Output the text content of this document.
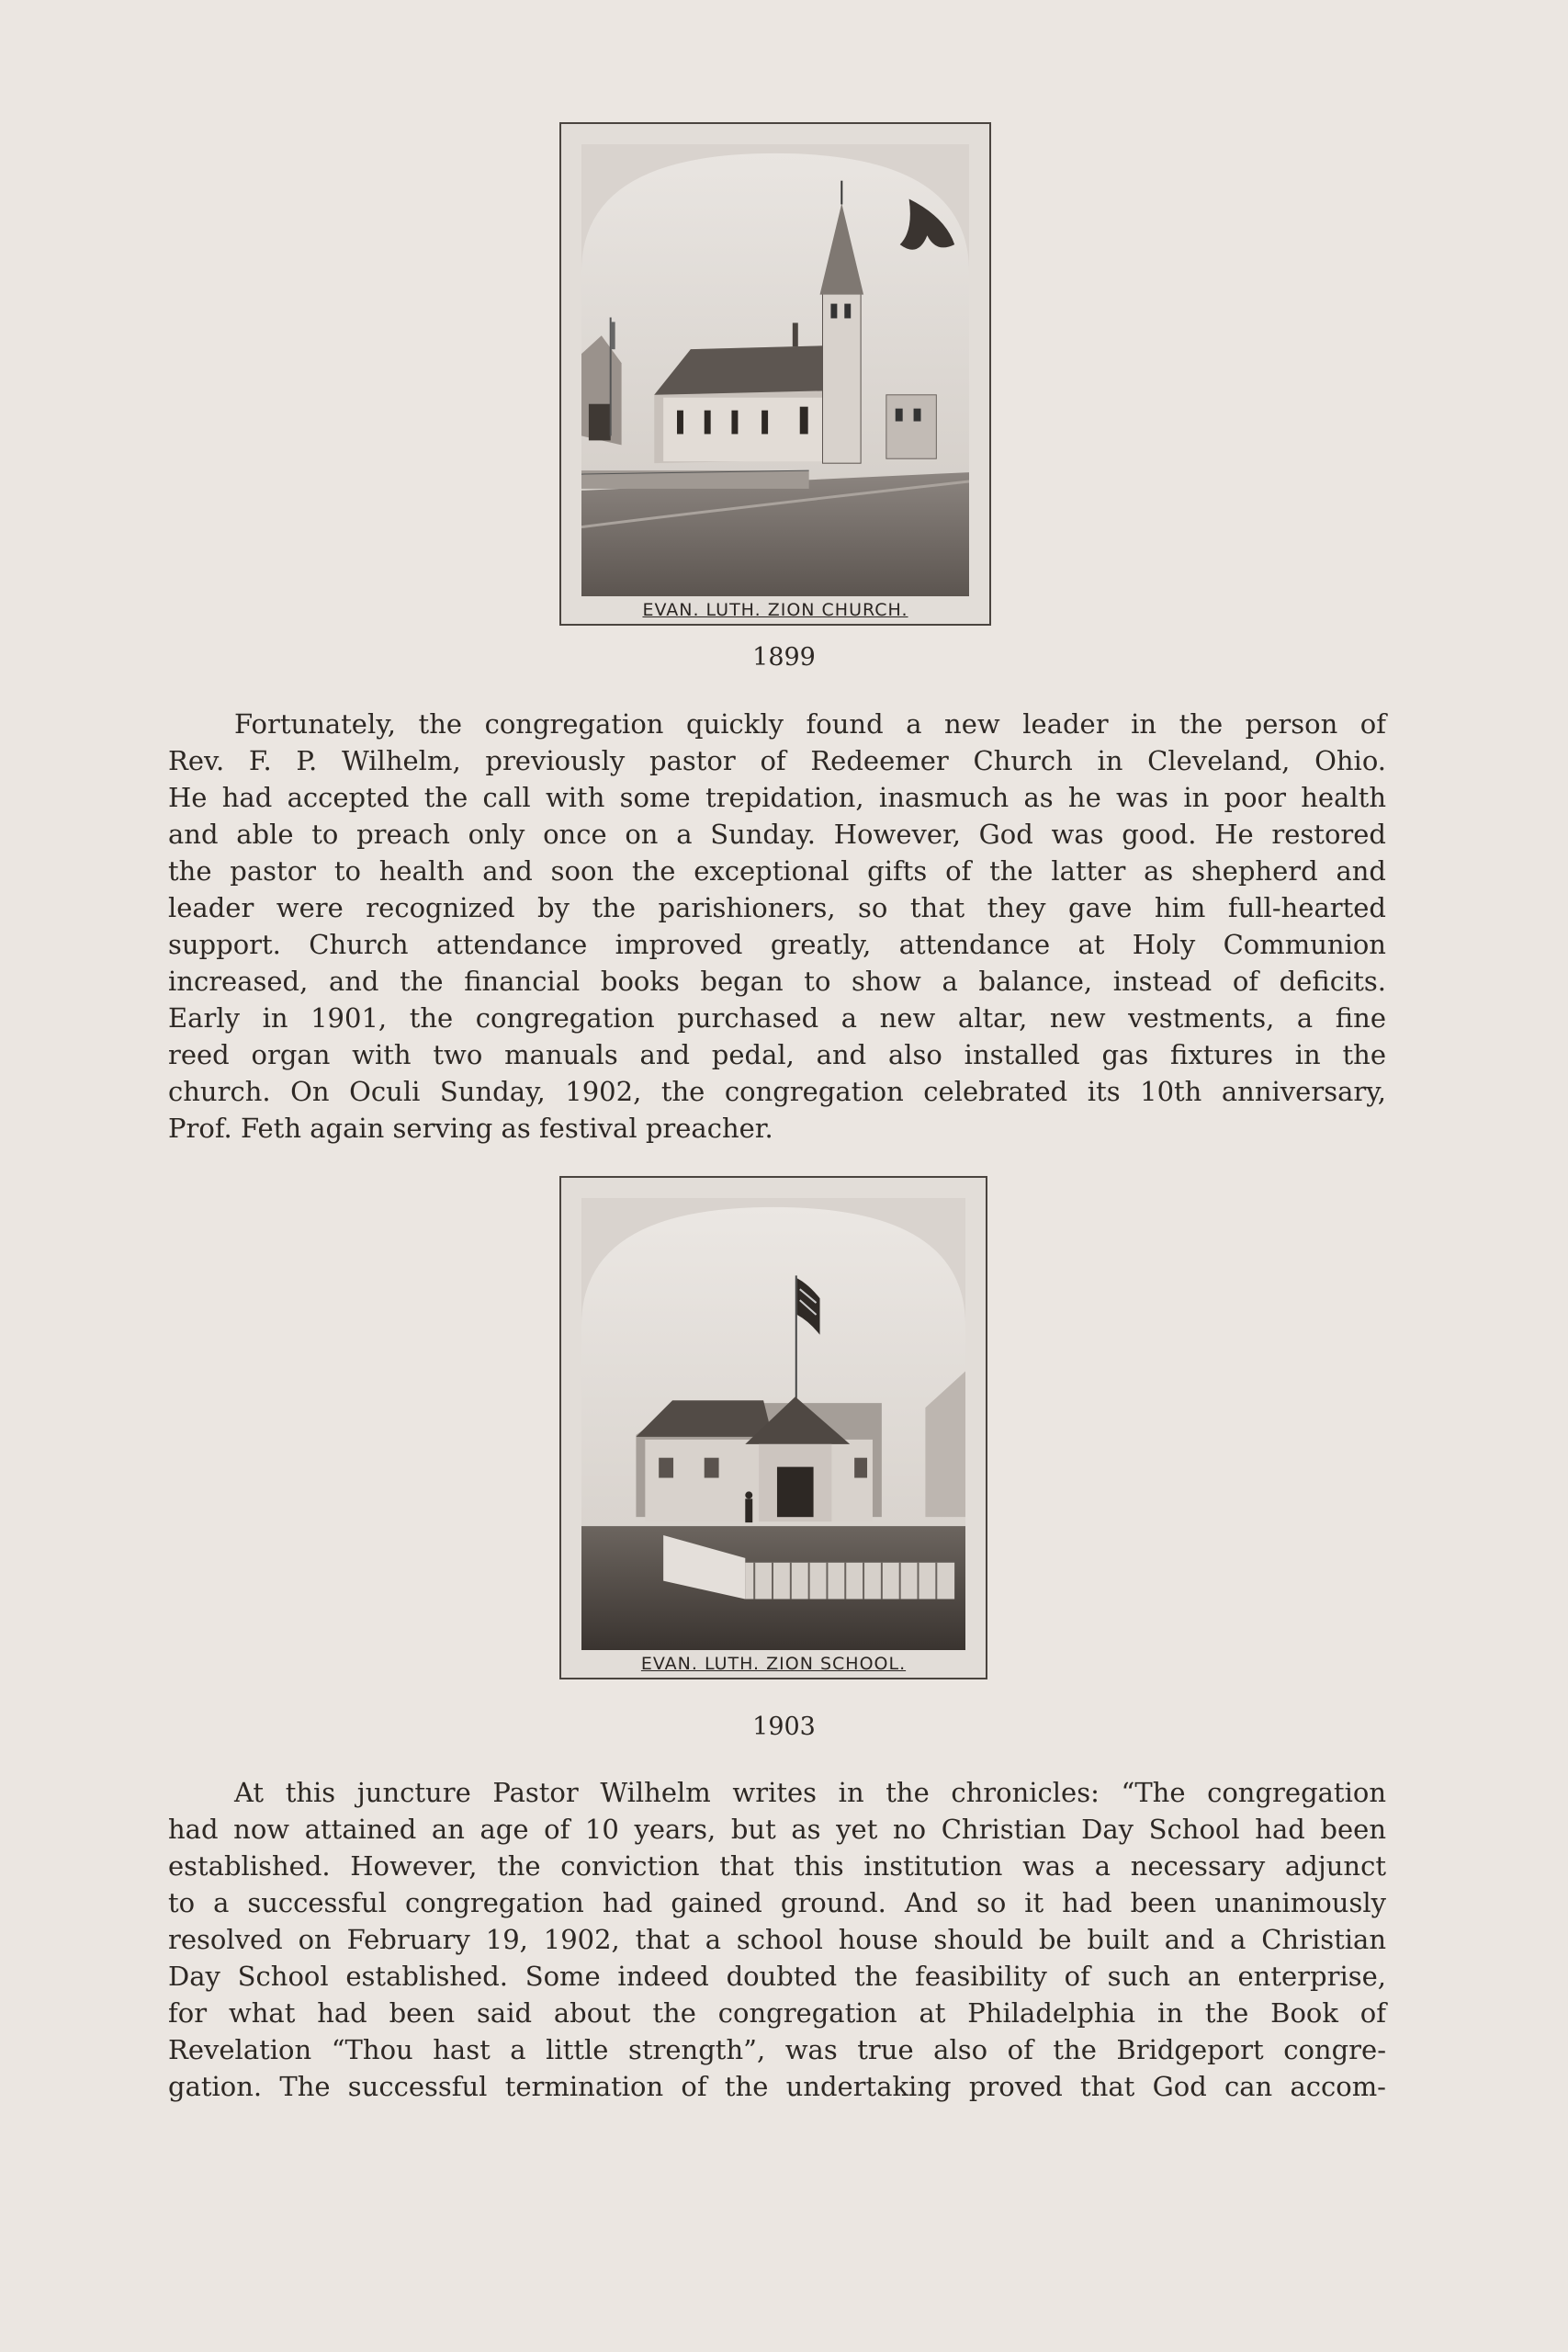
EVAN. LUTH. ZION CHURCH.
1899

Fortunately, the congregation quickly found a new leader in the person of
Rev. F. P. Wilhelm, previously pastor of Redeemer Church in Cleveland, Ohio.
He had accepted the call with some trepidation, inasmuch as he was in poor health
and able to preach only once on a Sunday. However, God was good. He restored
the pastor to health and soon the exceptional gifts of the latter as shepherd and
leader were recognized by the parishioners, so that they gave him full-hearted
support. Church attendance improved greatly, attendance at Holy Communion
increased, and the financial books began to show a balance, instead of deficits.
Early in 1901, the congregation purchased a new altar, new vestments, a fine
reed organ with two manuals and pedal, and also installed gas fixtures in the
church. On Oculi Sunday, 1902, the congregation celebrated its 10th anniversary,
Prof. Feth again serving as festival preacher.

EVAN. LUTH. ZION SCHOOL.
1903

At this juncture Pastor Wilhelm writes in the chronicles: “The congregation
had now attained an age of 10 years, but as yet no Christian Day School had been
established. However, the conviction that this institution was a necessary adjunct
to a successful congregation had gained ground. And so it had been unanimously
resolved on February 19, 1902, that a school house should be built and a Christian
Day School established. Some indeed doubted the feasibility of such an enterprise,
for what had been said about the congregation at Philadelphia in the Book of
Revelation “Thou hast a little strength”, was true also of the Bridgeport congre-
gation. The successful termination of the undertaking proved that God can accom-
